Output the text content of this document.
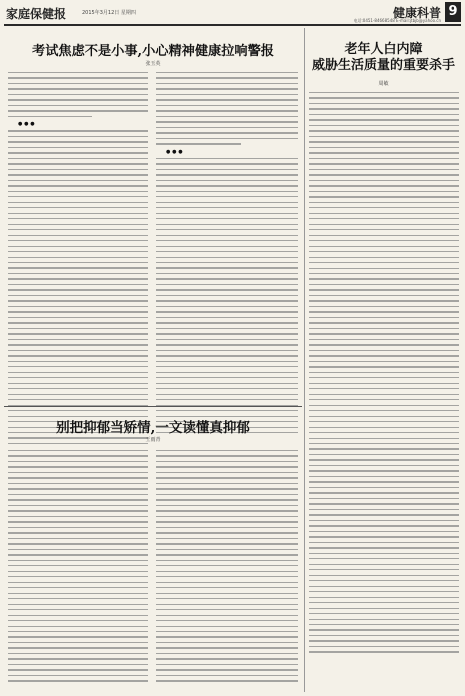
家庭保健报	2015年3月12日 星期四	健康科普 9
电话:0451-84668548 E-mail:jtbjb@yahoo.cn
考试焦虑不是小事,小心精神健康拉响警报
张玉英
● ● ●
● ● ●
别把抑郁当矫情,一文读懂真抑郁
王雨青
老年人白内障
威胁生活质量的重要杀手
周敏
